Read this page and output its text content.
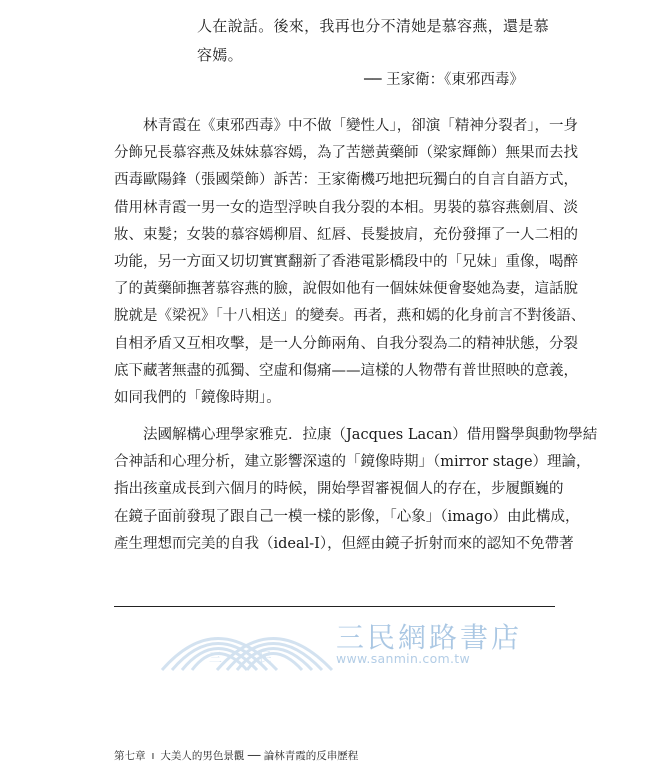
人在說話。後來，我再也分不清她是慕容燕，還是慕
容嫣。
── 王家衛：《東邪西毒》
林青霞在《東邪西毒》中不做「變性人」，卻演「精神分裂者」，一身
分飾兄長慕容燕及妹妹慕容嫣，為了苦戀黃藥師（梁家輝飾）無果而去找
西毒歐陽鋒（張國榮飾）訴苦：王家衛機巧地把玩獨白的自言自語方式，
借用林青霞一男一女的造型浮映自我分裂的本相。男裝的慕容燕劍眉、淡
妝、束髮；女裝的慕容嫣柳眉、紅唇、長髮披肩，充份發揮了一人二相的
功能，另一方面又切切實實翻新了香港電影橋段中的「兄妹」重像，喝醉
了的黃藥師撫著慕容燕的臉，說假如他有一個妹妹便會娶她為妻，這話脫
脫就是《梁祝》「十八相送」的變奏。再者，燕和嫣的化身前言不對後語、
自相矛盾又互相攻擊，是一人分飾兩角、自我分裂為二的精神狀態，分裂
底下藏著無盡的孤獨、空虛和傷痛——這樣的人物帶有普世照映的意義，
如同我們的「鏡像時期」。
法國解構心理學家雅克．拉康（Jacques Lacan）借用醫學與動物學結
合神話和心理分析，建立影響深遠的「鏡像時期」（mirror stage）理論，
指出孩童成長到六個月的時候，開始學習審視個人的存在，步履顫巍的
在鏡子面前發現了跟自己一模一樣的影像，「心象」（imago）由此構成，
產生理想而完美的自我（ideal-I），但經由鏡子折射而來的認知不免帶著
三	民
三民網路書店
www.sanmin.com.tw
第七章 ı 大美人的男色景觀 ── 論林青霞的反串歷程
